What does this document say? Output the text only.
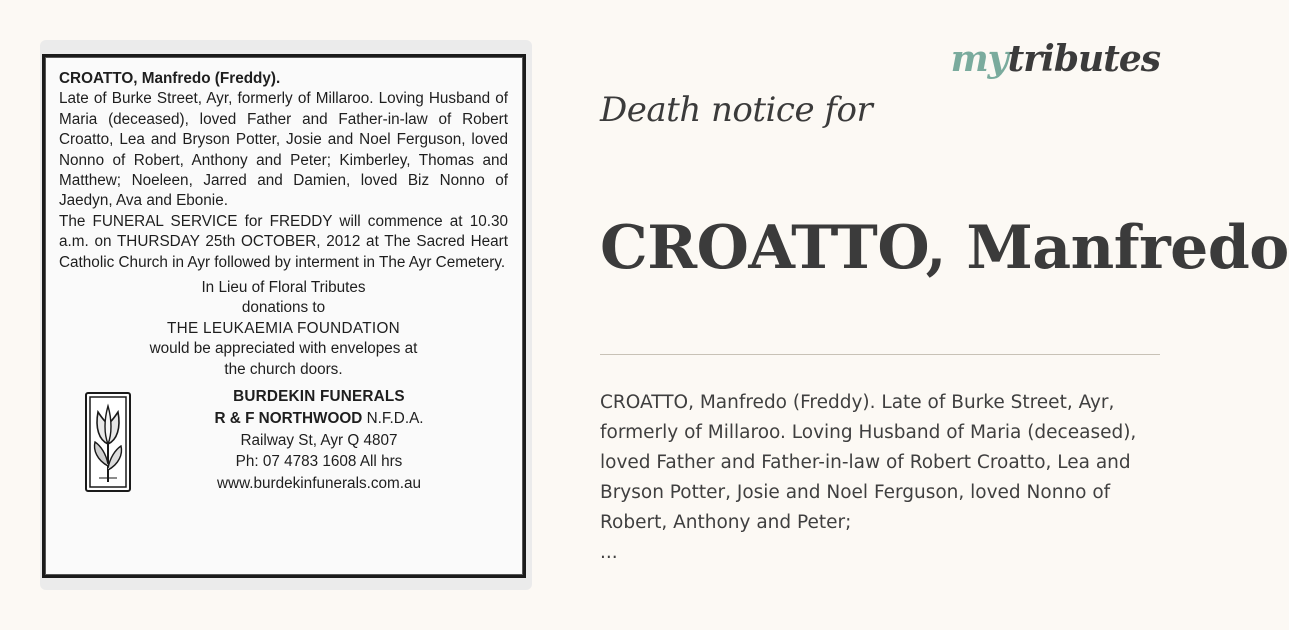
CROATTO, Manfredo (Freddy).

Late of Burke Street, Ayr, formerly of Millaroo. Loving Husband of Maria (deceased), loved Father and Father-in-law of Robert Croatto, Lea and Bryson Potter, Josie and Noel Ferguson, loved Nonno of Robert, Anthony and Peter; Kimberley, Thomas and Matthew; Noeleen, Jarred and Damien, loved Biz Nonno of Jaedyn, Ava and Ebonie.

The FUNERAL SERVICE for FREDDY will commence at 10.30 a.m. on THURSDAY 25th OCTOBER, 2012 at The Sacred Heart Catholic Church in Ayr followed by interment in The Ayr Cemetery.

In Lieu of Floral Tributes

donations to

THE LEUKAEMIA FOUNDATION

would be appreciated with envelopes at

the church doors.

BURDEKIN FUNERALS
R & F NORTHWOOD N.F.D.A.
Railway St, Ayr Q 4807
Ph: 07 4783 1608 All hrs
www.burdekinfunerals.com.au
mytributes
Death notice for
CROATTO, Manfredo

CROATTO, Manfredo (Freddy). Late of Burke Street, Ayr, formerly of Millaroo. Loving Husband of Maria (deceased), loved Father and Father-in-law of Robert Croatto, Lea and Bryson Potter, Josie and Noel Ferguson, loved Nonno of Robert, Anthony and Peter;

...
